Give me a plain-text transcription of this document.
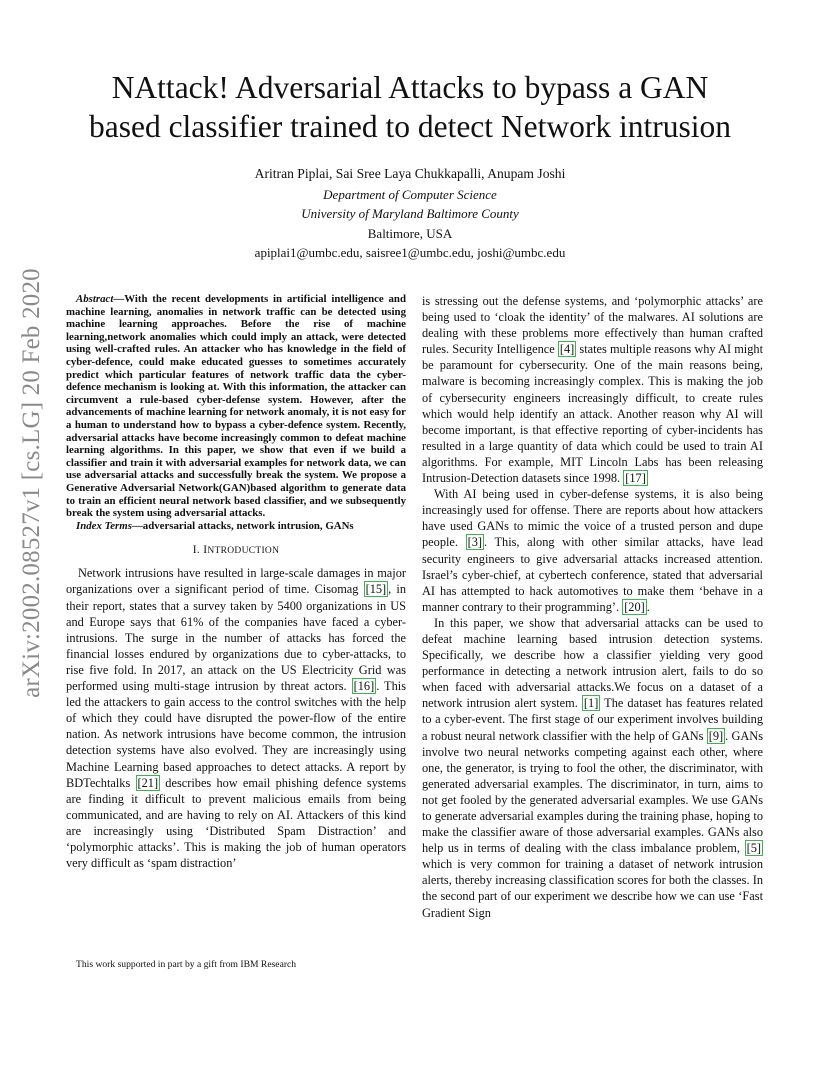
arXiv:2002.08527v1 [cs.LG] 20 Feb 2020
NAttack! Adversarial Attacks to bypass a GAN
based classifier trained to detect Network intrusion
Aritran Piplai, Sai Sree Laya Chukkapalli, Anupam Joshi
Department of Computer Science
University of Maryland Baltimore County
Baltimore, USA
apiplai1@umbc.edu, saisree1@umbc.edu, joshi@umbc.edu

Abstract—With the recent developments in artificial intelligence and machine learning, anomalies in network traffic can be detected using machine learning approaches. Before the rise of machine learning,network anomalies which could imply an attack, were detected using well-crafted rules. An attacker who has knowledge in the field of cyber-defence, could make educated guesses to sometimes accurately predict which particular features of network traffic data the cyber-defence mechanism is looking at. With this information, the attacker can circumvent a rule-based cyber-defense system. However, after the advancements of machine learning for network anomaly, it is not easy for a human to understand how to bypass a cyber-defence system. Recently, adversarial attacks have become increasingly common to defeat machine learning algorithms. In this paper, we show that even if we build a classifier and train it with adversarial examples for network data, we can use adversarial attacks and successfully break the system. We propose a Generative Adversarial Network(GAN)based algorithm to generate data to train an efficient neural network based classifier, and we subsequently break the system using adversarial attacks.

Index Terms—adversarial attacks, network intrusion, GANs

I. INTRODUCTION

Network intrusions have resulted in large-scale damages in major organizations over a significant period of time. Cisomag [15] , in their report, states that a survey taken by 5400 organizations in US and Europe says that 61% of the companies have faced a cyber-intrusions. The surge in the number of attacks has forced the financial losses endured by organizations due to cyber-attacks, to rise five fold. In 2017, an attack on the US Electricity Grid was performed using multi-stage intrusion by threat actors. [16] . This led the attackers to gain access to the control switches with the help of which they could have disrupted the power-flow of the entire nation. As network intrusions have become common, the intrusion detection systems have also evolved. They are increasingly using Machine Learning based approaches to detect attacks. A report by BDTechtalks [21] describes how email phishing defence systems are finding it difficult to prevent malicious emails from being communicated, and are having to rely on AI. Attackers of this kind are increasingly using ‘Distributed Spam Distraction’ and ‘polymorphic attacks’. This is making the job of human operators very difficult as ‘spam distraction’

This work supported in part by a gift from IBM Research

is stressing out the defense systems, and ‘polymorphic attacks’ are being used to ‘cloak the identity’ of the malwares. AI solutions are dealing with these problems more effectively than human crafted rules. Security Intelligence [4] states multiple reasons why AI might be paramount for cybersecurity. One of the main reasons being, malware is becoming increasingly complex. This is making the job of cybersecurity engineers increasingly difficult, to create rules which would help identify an attack. Another reason why AI will become important, is that effective reporting of cyber-incidents has resulted in a large quantity of data which could be used to train AI algorithms. For example, MIT Lincoln Labs has been releasing Intrusion-Detection datasets since 1998. [17]

With AI being used in cyber-defense systems, it is also being increasingly used for offense. There are reports about how attackers have used GANs to mimic the voice of a trusted person and dupe people. [3] . This, along with other similar attacks, have lead security engineers to give adversarial attacks increased attention. Israel’s cyber-chief, at cybertech conference, stated that adversarial AI has attempted to hack automotives to make them ‘behave in a manner contrary to their programming’. [20] .

In this paper, we show that adversarial attacks can be used to defeat machine learning based intrusion detection systems. Specifically, we describe how a classifier yielding very good performance in detecting a network intrusion alert, fails to do so when faced with adversarial attacks.We focus on a dataset of a network intrusion alert system. [1] The dataset has features related to a cyber-event. The first stage of our experiment involves building a robust neural network classifier with the help of GANs [9] . GANs involve two neural networks competing against each other, where one, the generator, is trying to fool the other, the discriminator, with generated adversarial examples. The discriminator, in turn, aims to not get fooled by the generated adversarial examples. We use GANs to generate adversarial examples during the training phase, hoping to make the classifier aware of those adversarial examples. GANs also help us in terms of dealing with the class imbalance problem, [5] which is very common for training a dataset of network intrusion alerts, thereby increasing classification scores for both the classes. In the second part of our experiment we describe how we can use ‘Fast Gradient Sign
